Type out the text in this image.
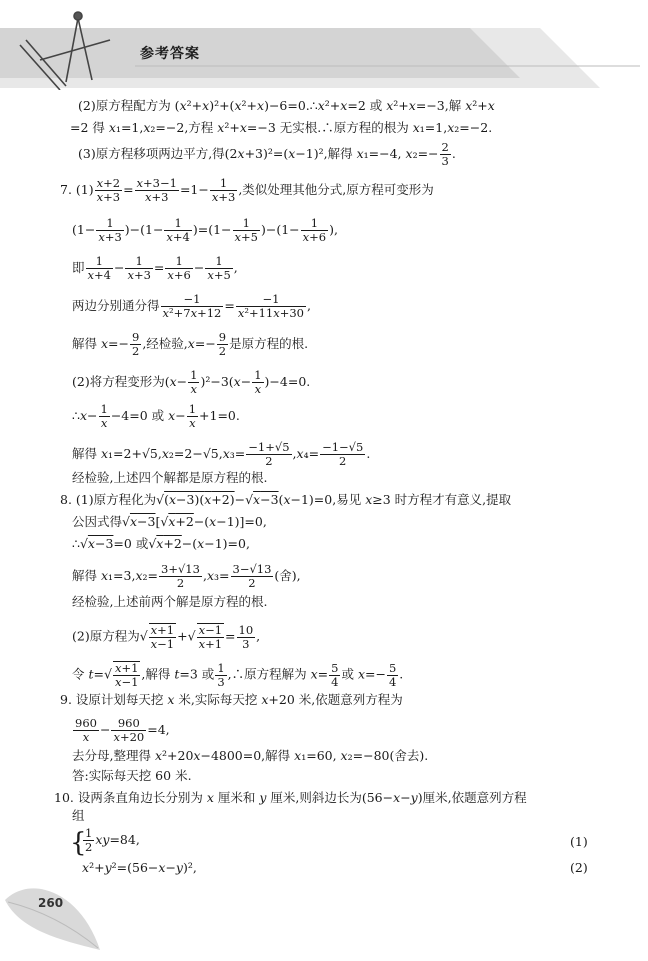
参考答案
(2)原方程配方为 (x²+x)²+(x²+x)−6=0.∴x²+x=2 或 x²+x=−3,解 x²+x
=2 得 x₁=1,x₂=−2,方程 x²+x=−3 无实根.∴原方程的根为 x₁=1,x₂=−2.
(3)原方程移项两边平方,得(2x+3)²=(x−1)²,解得 x₁=−4, $x_2=- \frac{2}{3}$ .
7. $(1) \frac{x+2}{x+3} = \frac{x+3-1}{x+3} =1- \frac{1}{x+3}$ ,类似处理其他分式,原方程可变形为
$(1- \frac{1}{x+3} )-(1- \frac{1}{x+4} )=(1- \frac{1}{x+5} )-(1- \frac{1}{x+6}$ ),
即 $\frac{1}{x+4} - \frac{1}{x+3} = \frac{1}{x+6} - \frac{1}{x+5}$ ,
两边分别通分得 $\frac{-1}{\text{x²+7x+12}} = \frac{-1}{\text{x²+11x+30}}$ ,
解得 $x=- \frac{9}{2}$ ,经检验$,x=- \frac{9}{2}$ 是原方程的根.
(2)将方程变形为$(x- \frac{1}{x} )^2-3(x- \frac{1}{x} )-4=0$.
∴x− $\frac{1}{x} -4=0$ 或 $x- \frac{1}{x} +1=0$.
解得 $x_1=2+√5,x_2=2-√5,x_3= \frac{-1+√5}{2} ,x_4= \frac{-1-√5}{2}$ .
经检验,上述四个解都是原方程的根.
8. (1)原方程化为√(x−3)(x+2)−√x−3(x−1)=0,易见 x≥3 时方程才有意义,提取
公因式得√x−3[√x+2−(x−1)]=0,
∴√x−3=0 或√x+2−(x−1)=0,
解得 $x_1=3,x_2= \frac{3+√13}{2} ,x_3= \frac{3-√13}{2}$ (舍),
经检验,上述前两个解是原方程的根.
(2)原方程为√ $\frac{x+1}{x-1}$ +√ $\frac{x-1}{x+1} = \frac{10}{3}$ ,
令 $t=√ \frac{x+1}{x-1}$ ,解得 t=3 或 $\frac{1}{3}$ ,∴原方程解为 $x= \frac{5}{4}$ 或 $x=- \frac{5}{4}$ .
9. 设原计划每天挖 x 米,实际每天挖 x+20 米,依题意列方程为
$\frac{960}{x} - \frac{960}{x+20} =4$,
去分母,整理得 x²+20x−4800=0,解得 x₁=60, x₂=−80(舍去).
答:实际每天挖 60 米.
10. 设两条直角边长分别为 x 厘米和 y 厘米,则斜边长为(56−x−y)厘米,依题意列方程
组
{
$\frac{1}{2} xy=84$,	(1)
x²+y²=(56−x−y)²,	(2)
260
